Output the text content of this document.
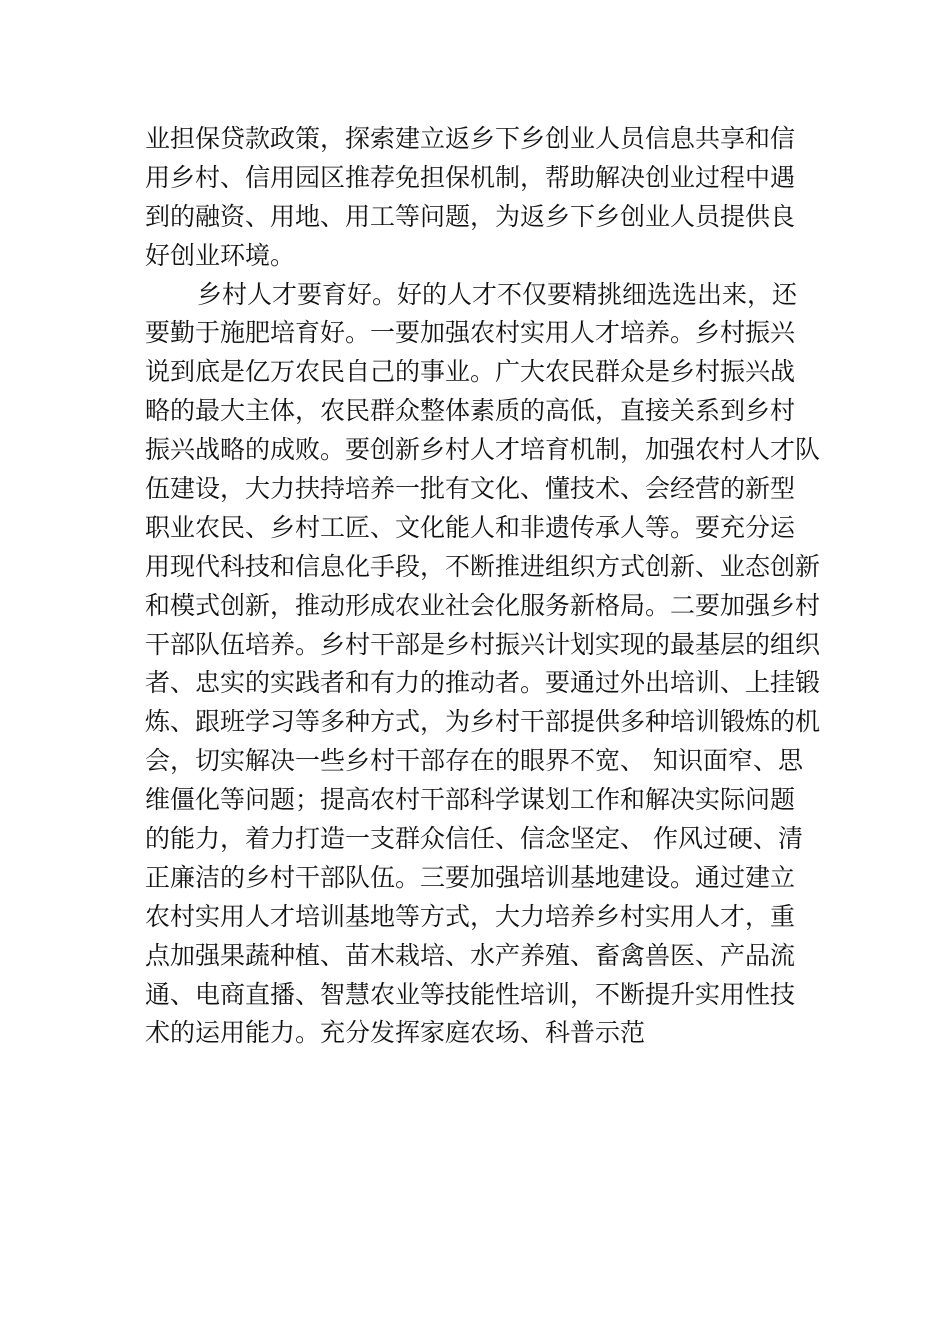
业担保贷款政策，探索建立返乡下乡创业人员信息共享和信
用乡村、信用园区推荐免担保机制，帮助解决创业过程中遇
到的融资、用地、用工等问题，为返乡下乡创业人员提供良
好创业环境。
乡村人才要育好。好的人才不仅要精挑细选选出来，还
要勤于施肥培育好。一要加强农村实用人才培养。乡村振兴
说到底是亿万农民自己的事业。广大农民群众是乡村振兴战
略的最大主体，农民群众整体素质的高低，直接关系到乡村
振兴战略的成败。要创新乡村人才培育机制，加强农村人才队
伍建设，大力扶持培养一批有文化、懂技术、会经营的新型
职业农民、乡村工匠、文化能人和非遗传承人等。要充分运
用现代科技和信息化手段，不断推进组织方式创新、业态创新
和模式创新，推动形成农业社会化服务新格局。二要加强乡村
干部队伍培养。乡村干部是乡村振兴计划实现的最基层的组织
者、忠实的实践者和有力的推动者。要通过外出培训、上挂锻
炼、跟班学习等多种方式，为乡村干部提供多种培训锻炼的机
会，切实解决一些乡村干部存在的眼界不宽、 知识面窄、思
维僵化等问题；提高农村干部科学谋划工作和解决实际问题
的能力，着力打造一支群众信任、信念坚定、 作风过硬、清
正廉洁的乡村干部队伍。三要加强培训基地建设。通过建立
农村实用人才培训基地等方式，大力培养乡村实用人才，重
点加强果蔬种植、苗木栽培、水产养殖、畜禽兽医、产品流
通、电商直播、智慧农业等技能性培训，不断提升实用性技
术的运用能力。充分发挥家庭农场、科普示范
